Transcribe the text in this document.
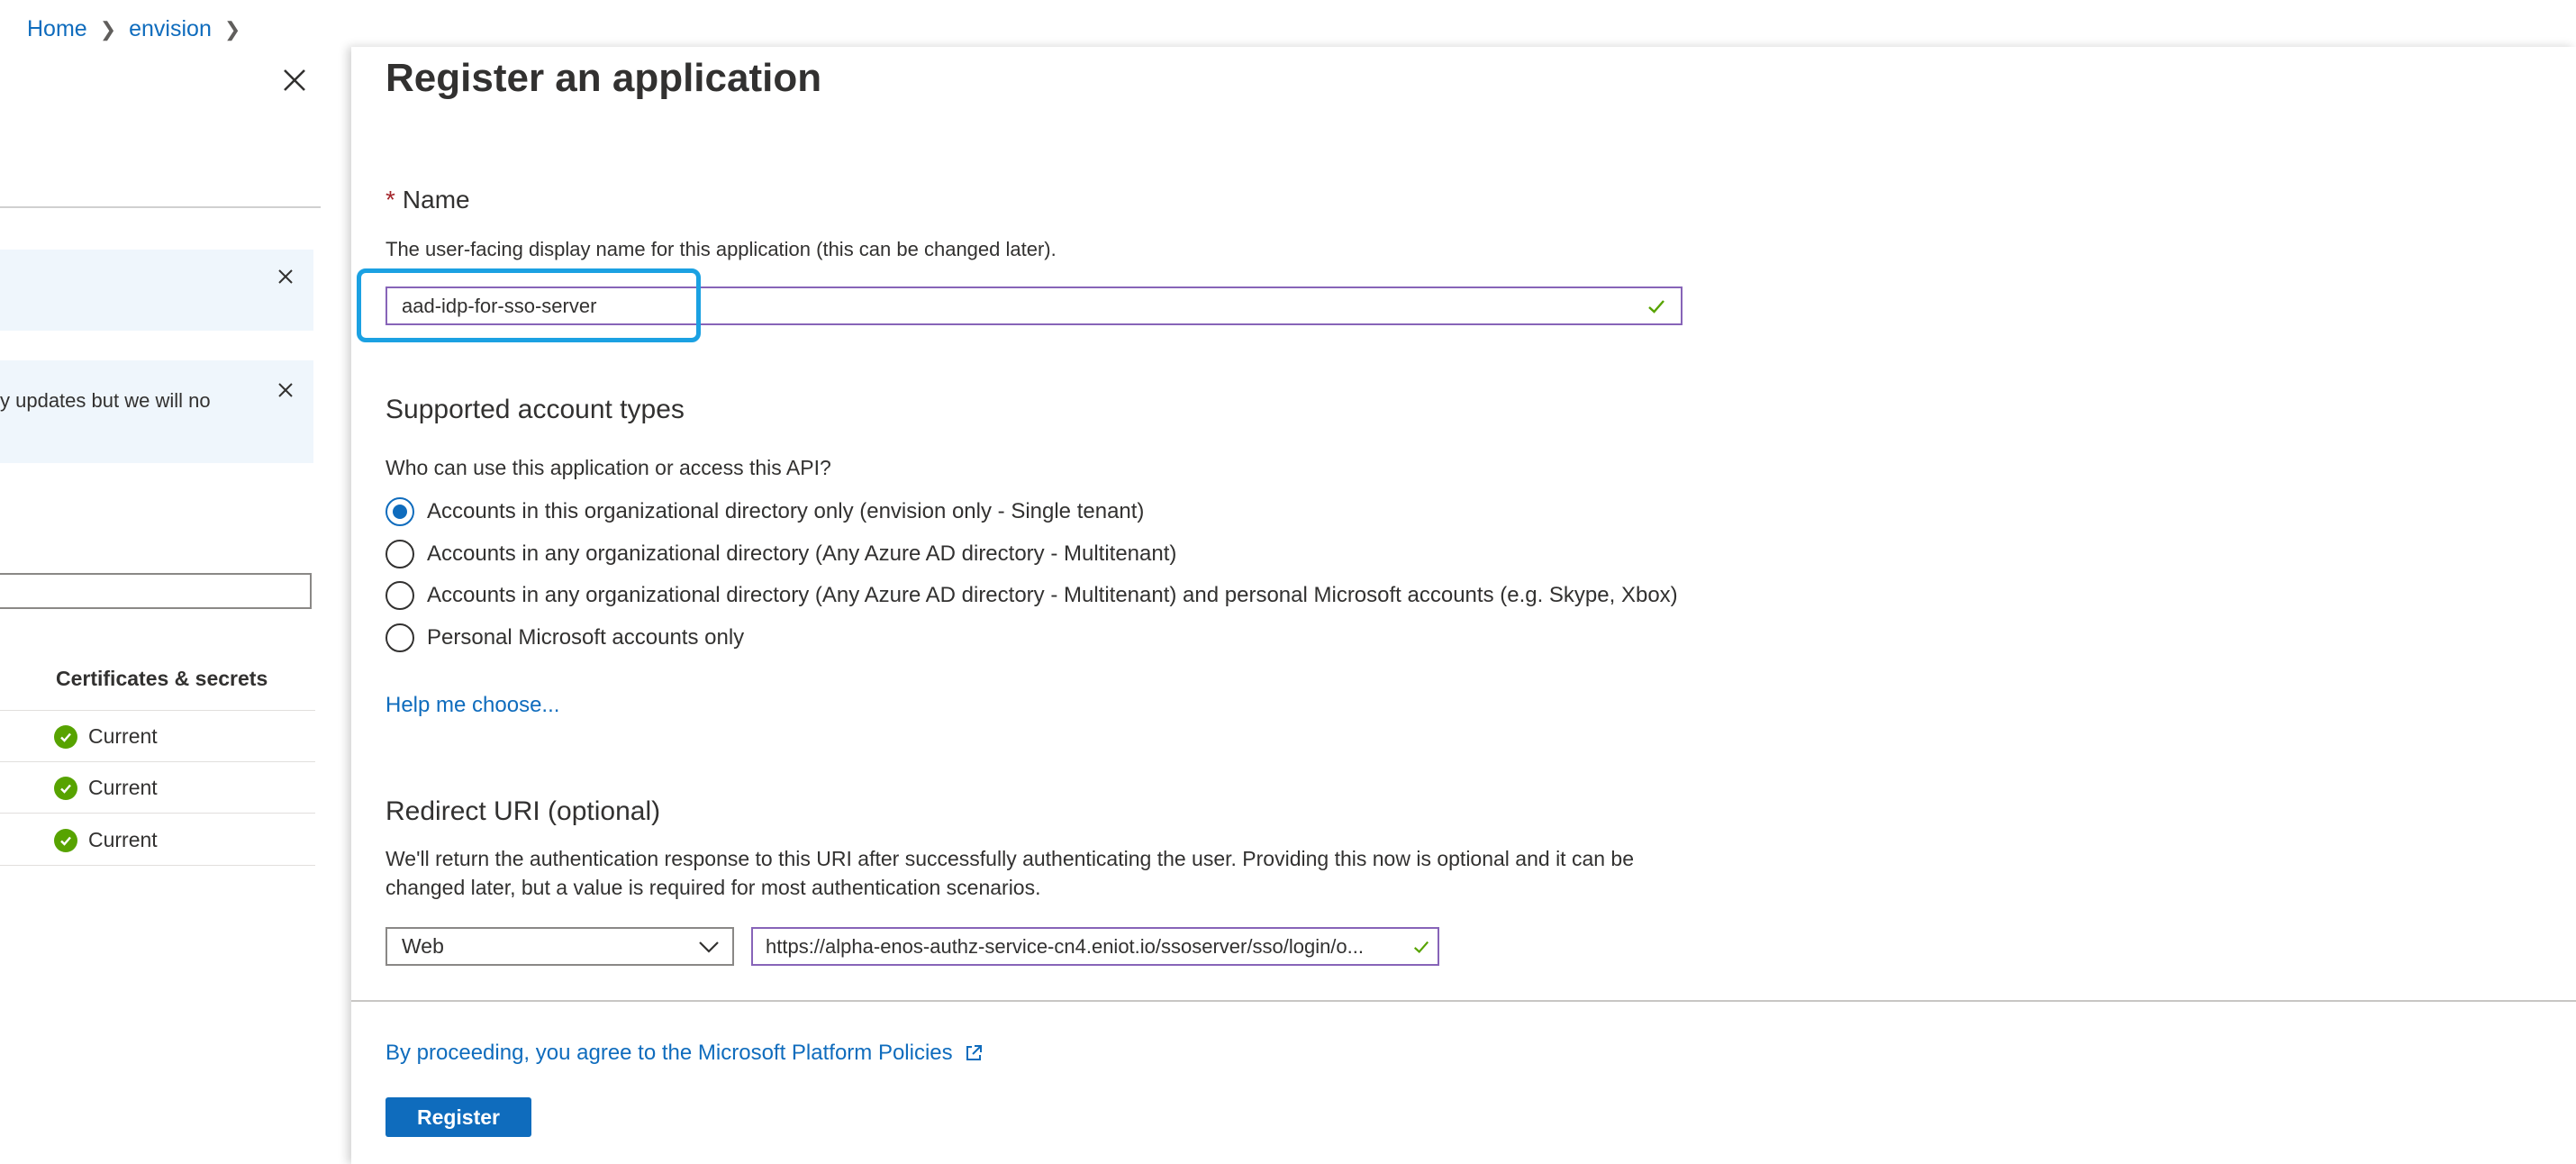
Home ❯ envision ❯
y updates but we will no
Certificates & secrets
Current
Current
Current
Register an application
* Name
The user-facing display name for this application (this can be changed later).
aad-idp-for-sso-server
Supported account types
Who can use this application or access this API?
Accounts in this organizational directory only (envision only - Single tenant)
Accounts in any organizational directory (Any Azure AD directory - Multitenant)
Accounts in any organizational directory (Any Azure AD directory - Multitenant) and personal Microsoft accounts (e.g. Skype, Xbox)
Personal Microsoft accounts only
Help me choose...
Redirect URI (optional)
We'll return the authentication response to this URI after successfully authenticating the user. Providing this now is optional and it can be
changed later, but a value is required for most authentication scenarios.
Web	https://alpha-enos-authz-service-cn4.eniot.io/ssoserver/sso/login/o...
By proceeding, you agree to the Microsoft Platform Policies
Register
